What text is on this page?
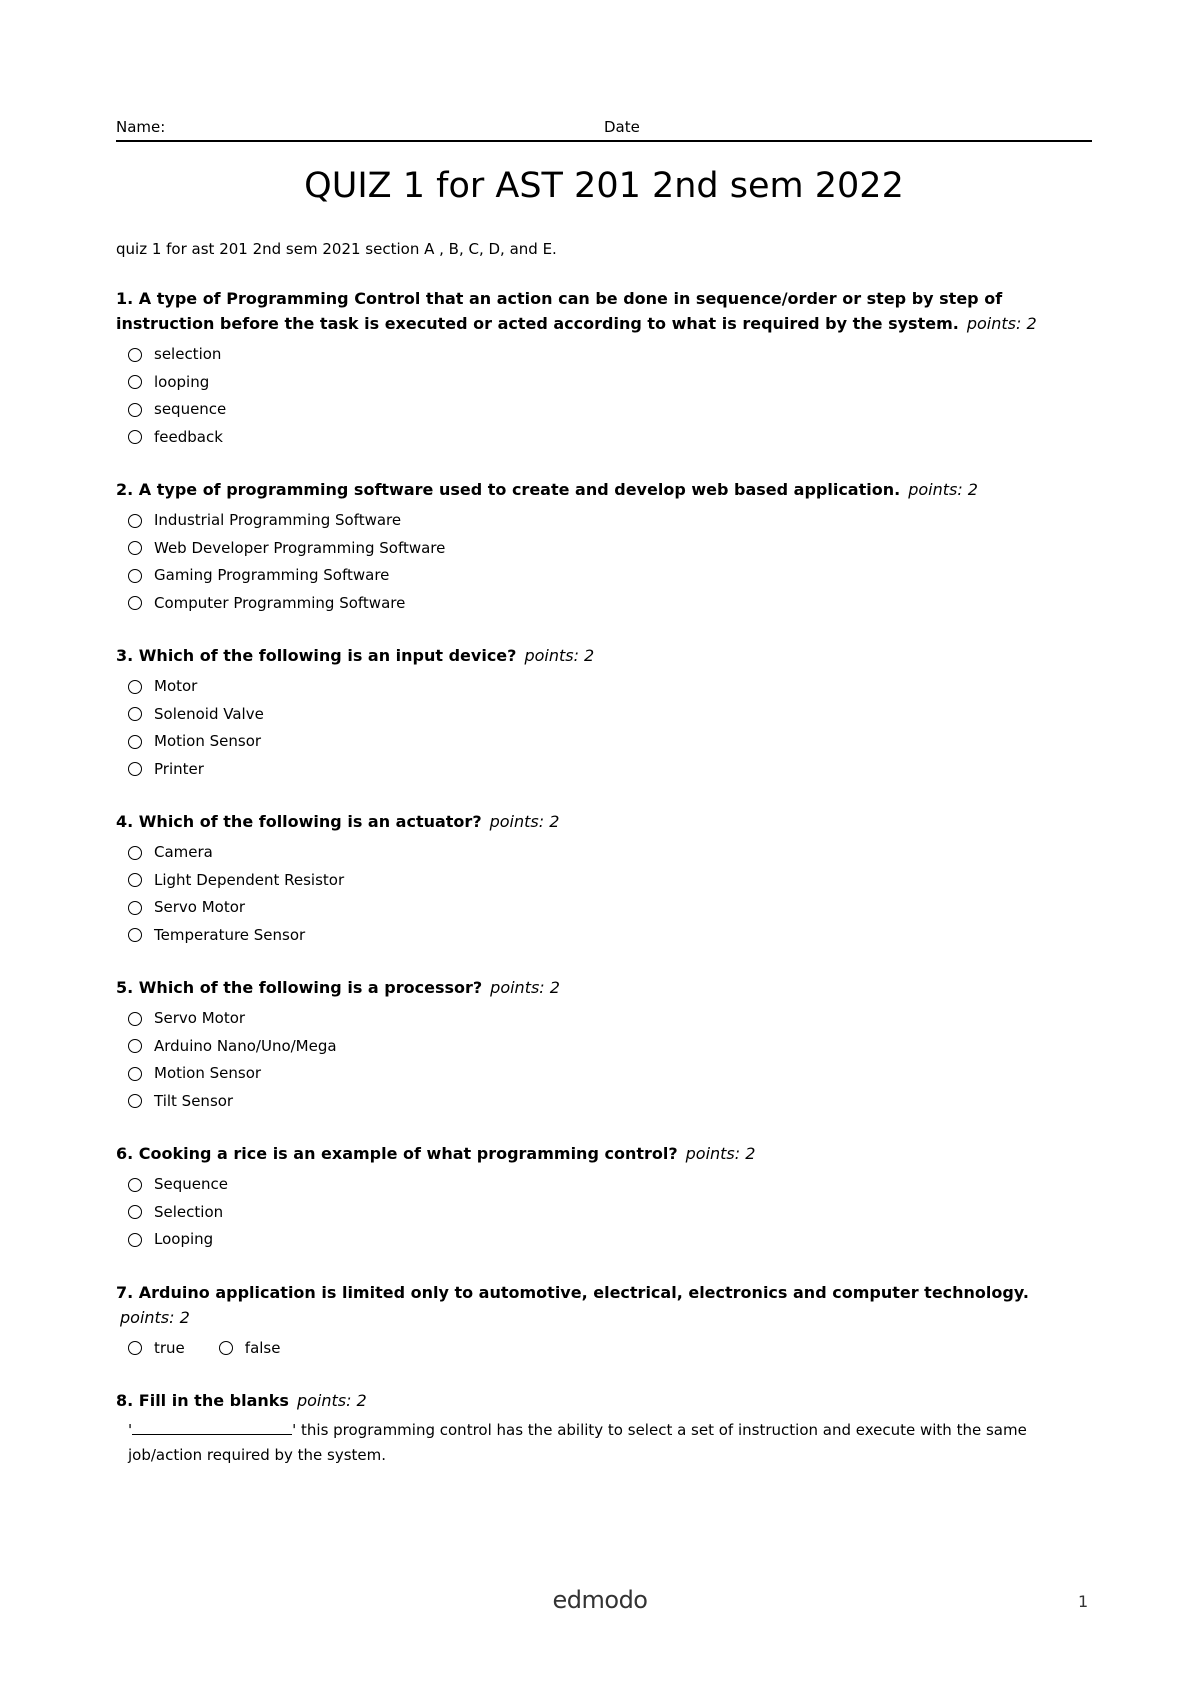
Name:	Date
QUIZ 1 for AST 201 2nd sem 2022
quiz 1 for ast 201 2nd sem 2021 section A , B, C, D, and E.
1. A type of Programming Control that an action can be done in sequence/order or step by step of instruction before the task is executed or acted according to what is required by the system. points: 2
selection
looping
sequence
feedback
2. A type of programming software used to create and develop web based application. points: 2
Industrial Programming Software
Web Developer Programming Software
Gaming Programming Software
Computer Programming Software
3. Which of the following is an input device? points: 2
Motor
Solenoid Valve
Motion Sensor
Printer
4. Which of the following is an actuator? points: 2
Camera
Light Dependent Resistor
Servo Motor
Temperature Sensor
5. Which of the following is a processor? points: 2
Servo Motor
Arduino Nano/Uno/Mega
Motion Sensor
Tilt Sensor
6. Cooking a rice is an example of what programming control? points: 2
Sequence
Selection
Looping
7. Arduino application is limited only to automotive, electrical, electronics and computer technology.
points: 2
true	false
8. Fill in the blanks points: 2
'	' this programming control has the ability to select a set of instruction and execute with the same job/action required by the system.
edmodo	1
